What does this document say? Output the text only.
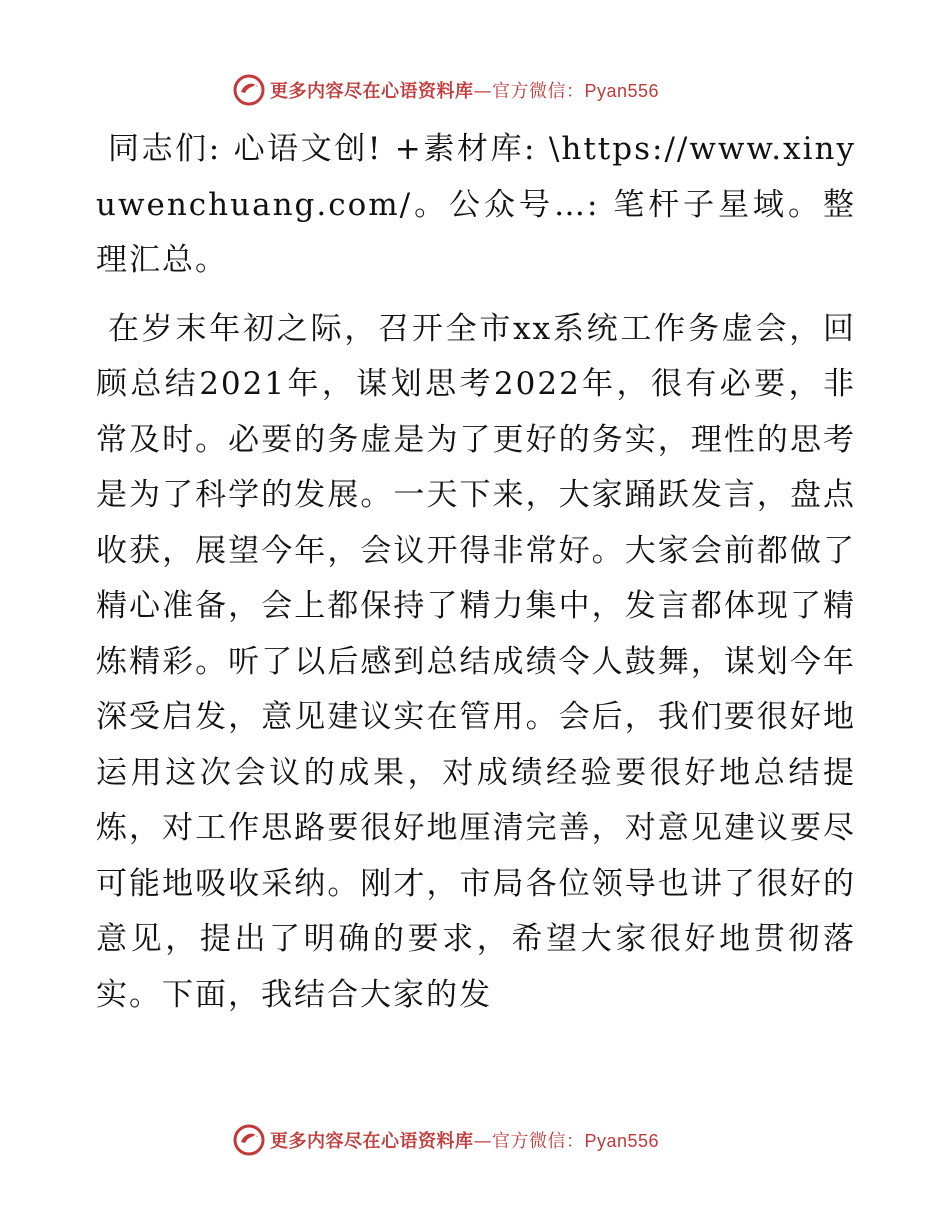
更多内容尽在心语资料库—官方微信：Pyan556

同志们: 心语文创! +素材库: \https://www.xinyuwenchuang.com/。公众号…: 笔杆子星域。整理汇总。

在岁末年初之际，召开全市xx系统工作务虚会，回顾总结2021年，谋划思考2022年，很有必要，非常及时。必要的务虚是为了更好的务实，理性的思考是为了科学的发展。一天下来，大家踊跃发言，盘点收获，展望今年，会议开得非常好。大家会前都做了精心准备，会上都保持了精力集中，发言都体现了精炼精彩。听了以后感到总结成绩令人鼓舞，谋划今年深受启发，意见建议实在管用。会后，我们要很好地运用这次会议的成果，对成绩经验要很好地总结提炼，对工作思路要很好地厘清完善，对意见建议要尽可能地吸收采纳。刚才，市局各位领导也讲了很好的意见，提出了明确的要求，希望大家很好地贯彻落实。下面，我结合大家的发

更多内容尽在心语资料库—官方微信：Pyan556
